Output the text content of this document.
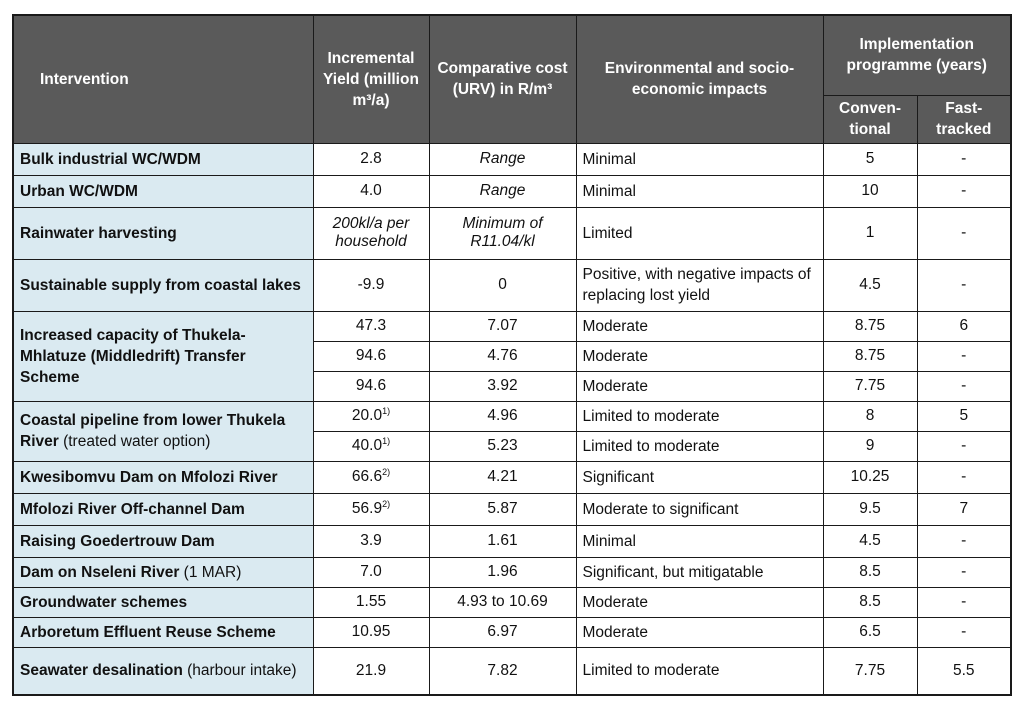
Intervention	Incremental Yield (million m³/a)	Comparative cost (URV) in R/m³	Environmental and socio-economic impacts	Implementation programme (years)	
				Conven-tional	Fast-tracked
Bulk industrial WC/WDM	2.8	Range	Minimal	5	-
Urban WC/WDM	4.0	Range	Minimal	10	-
Rainwater harvesting	200kl/a per household	Minimum of R11.04/kl	Limited	1	-
Sustainable supply from coastal lakes	-9.9	0	Positive, with negative impacts of replacing lost yield	4.5	-
Increased capacity of Thukela-Mhlatuze (Middledrift) Transfer Scheme	47.3	7.07	Moderate	8.75	6
	94.6	4.76	Moderate	8.75	-
	94.6	3.92	Moderate	7.75	-
Coastal pipeline from lower Thukela River (treated water option)	20.0$^{1)}$	4.96	Limited to moderate	8	5
	40.0$^{1)}$	5.23	Limited to moderate	9	-
Kwesibomvu Dam on Mfolozi River	66.6$^{2)}$	4.21	Significant	10.25	-
Mfolozi River Off-channel Dam	56.9$^{2)}$	5.87	Moderate to significant	9.5	7
Raising Goedertrouw Dam	3.9	1.61	Minimal	4.5	-
Dam on Nseleni River (1 MAR)	7.0	1.96	Significant, but mitigatable	8.5	-
Groundwater schemes	1.55	4.93 to 10.69	Moderate	8.5	-
Arboretum Effluent Reuse Scheme	10.95	6.97	Moderate	6.5	-
Seawater desalination (harbour intake)	21.9	7.82	Limited to moderate	7.75	5.5
